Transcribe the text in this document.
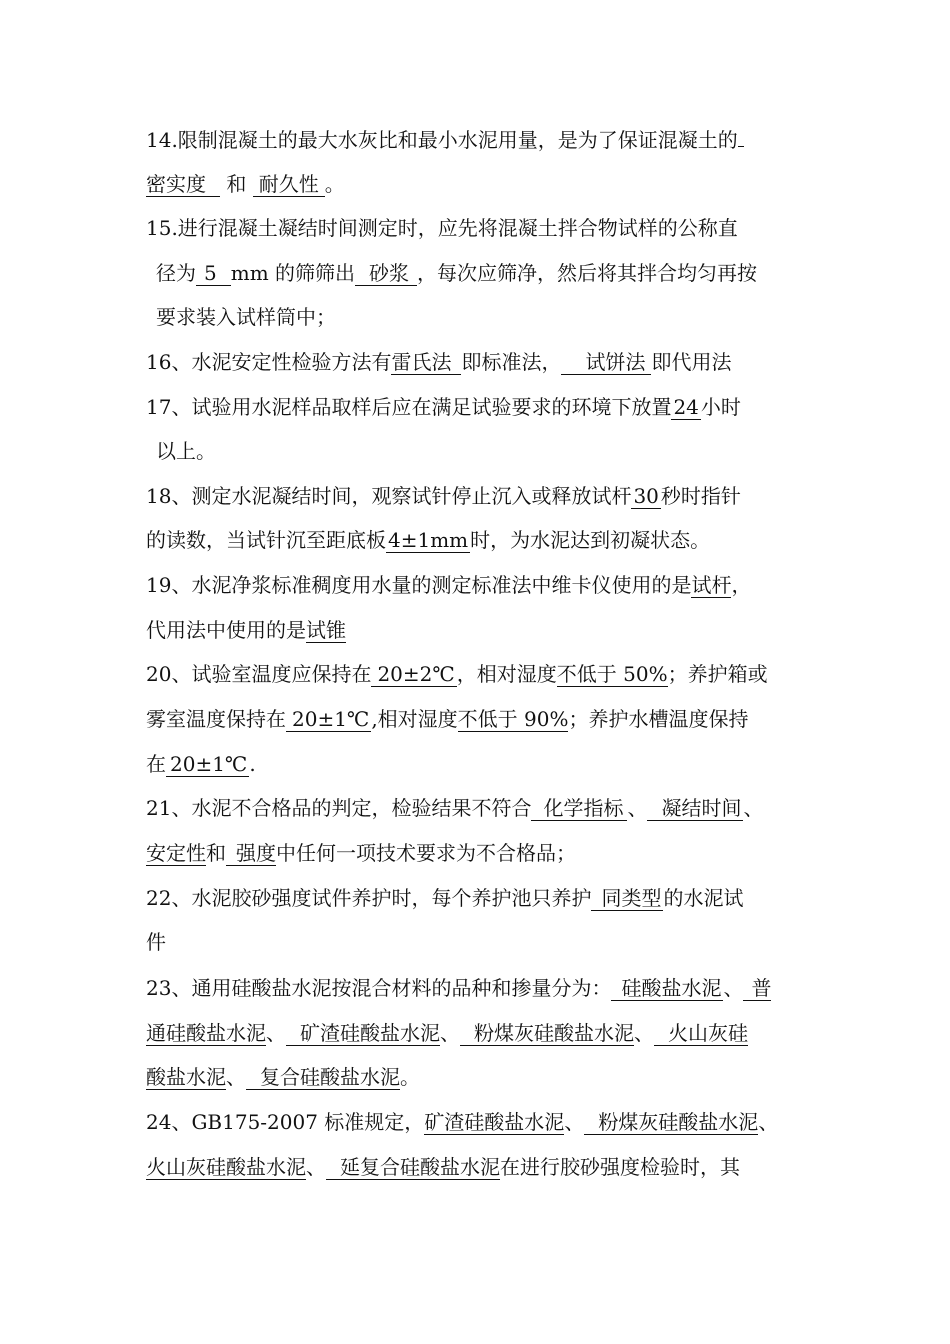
14.限制混凝土的最大水灰比和最小水泥用量，是为了保证混凝土的
密实度 和 耐久性 。
15.进行混凝土凝结时间测定时，应先将混凝土拌合物试样的公称直
径为 5 mm 的筛筛出 砂浆 ，每次应筛净，然后将其拌合均匀再按
要求装入试样筒中；
16、水泥安定性检验方法有雷氏法 即标准法， 试饼法 即代用法
17、试验用水泥样品取样后应在满足试验要求的环境下放置 24 小时
以上。
18、测定水泥凝结时间，观察试针停止沉入或释放试杆 30 秒时指针
的读数，当试针沉至距底板 4±1mm 时，为水泥达到初凝状态。
19、水泥净浆标准稠度用水量的测定标准法中维卡仪使用的是试杆，
代用法中使用的是试锥
20、试验室温度应保持在 20±2℃ ，相对湿度不低于 50%；养护箱或
雾室温度保持在 20±1℃ ,相对湿度不低于 90%；养护水槽温度保持
在 20±1℃ .
21、水泥不合格品的判定，检验结果不符合 化学指标 、 凝结时间 、
安定性和 强度中任何一项技术要求为不合格品；
22、水泥胶砂强度试件养护时，每个养护池只养护 同类型 的水泥试
件
23、通用硅酸盐水泥按混合材料的品种和掺量分为： 硅酸盐水泥 、 普
通硅酸盐水泥、 矿渣硅酸盐水泥、 粉煤灰硅酸盐水泥、 火山灰硅
酸盐水泥、 复合硅酸盐水泥。
24、GB175-2007 标准规定，矿渣硅酸盐水泥、 粉煤灰硅酸盐水泥、
火山灰硅酸盐水泥、 延复合硅酸盐水泥在进行胶砂强度检验时，其
